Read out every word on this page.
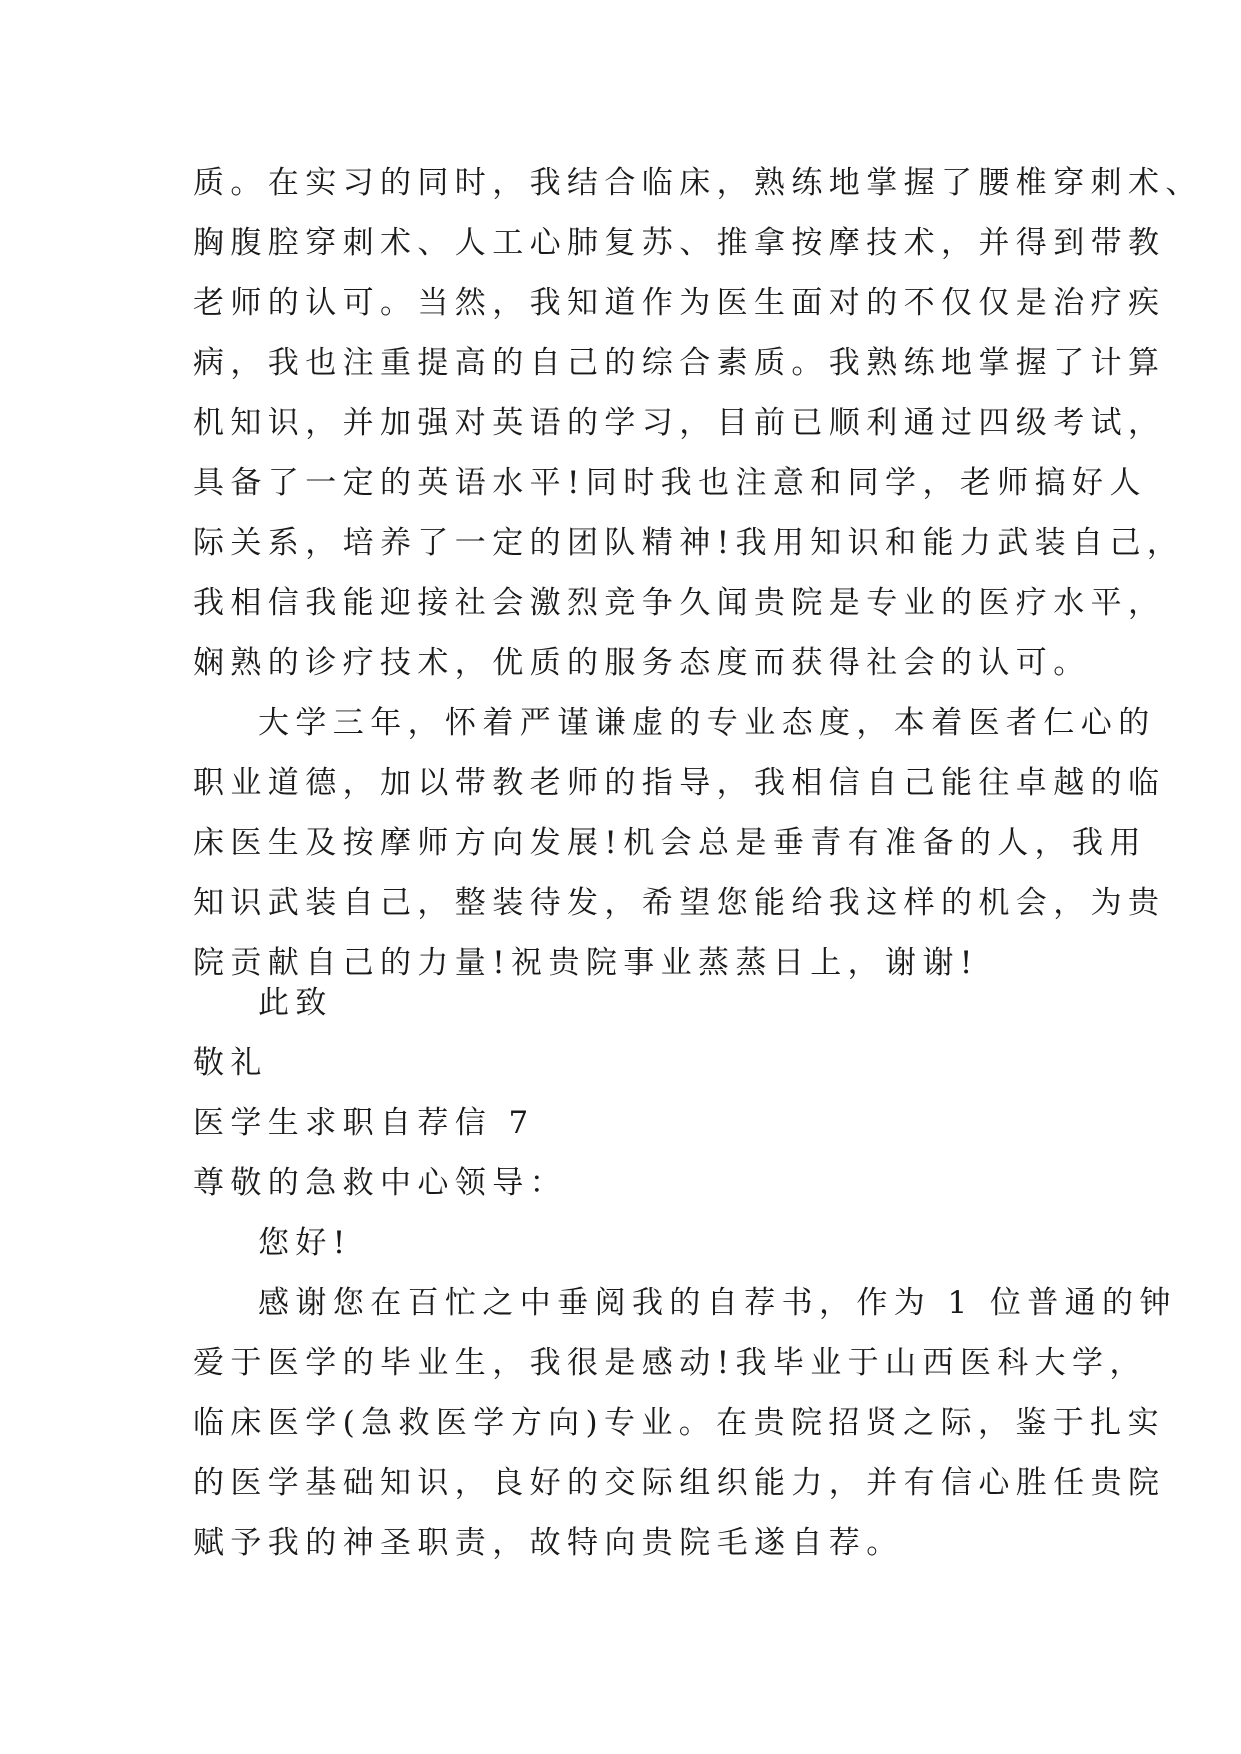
质。在实习的同时，我结合临床，熟练地掌握了腰椎穿刺术、
胸腹腔穿刺术、人工心肺复苏、推拿按摩技术，并得到带教
老师的认可。当然，我知道作为医生面对的不仅仅是治疗疾
病，我也注重提高的自己的综合素质。我熟练地掌握了计算
机知识，并加强对英语的学习，目前已顺利通过四级考试，
具备了一定的英语水平!同时我也注意和同学，老师搞好人
际关系，培养了一定的团队精神!我用知识和能力武装自己，
我相信我能迎接社会激烈竞争久闻贵院是专业的医疗水平，
娴熟的诊疗技术，优质的服务态度而获得社会的认可。
大学三年，怀着严谨谦虚的专业态度，本着医者仁心的
职业道德，加以带教老师的指导，我相信自己能往卓越的临
床医生及按摩师方向发展!机会总是垂青有准备的人，我用
知识武装自己，整装待发，希望您能给我这样的机会，为贵
院贡献自己的力量!祝贵院事业蒸蒸日上，谢谢!
此致
敬礼
医学生求职自荐信 7
尊敬的急救中心领导：
您好!
感谢您在百忙之中垂阅我的自荐书，作为 1 位普通的钟
爱于医学的毕业生，我很是感动!我毕业于山西医科大学，
临床医学(急救医学方向)专业。在贵院招贤之际，鉴于扎实
的医学基础知识，良好的交际组织能力，并有信心胜任贵院
赋予我的神圣职责，故特向贵院毛遂自荐。
